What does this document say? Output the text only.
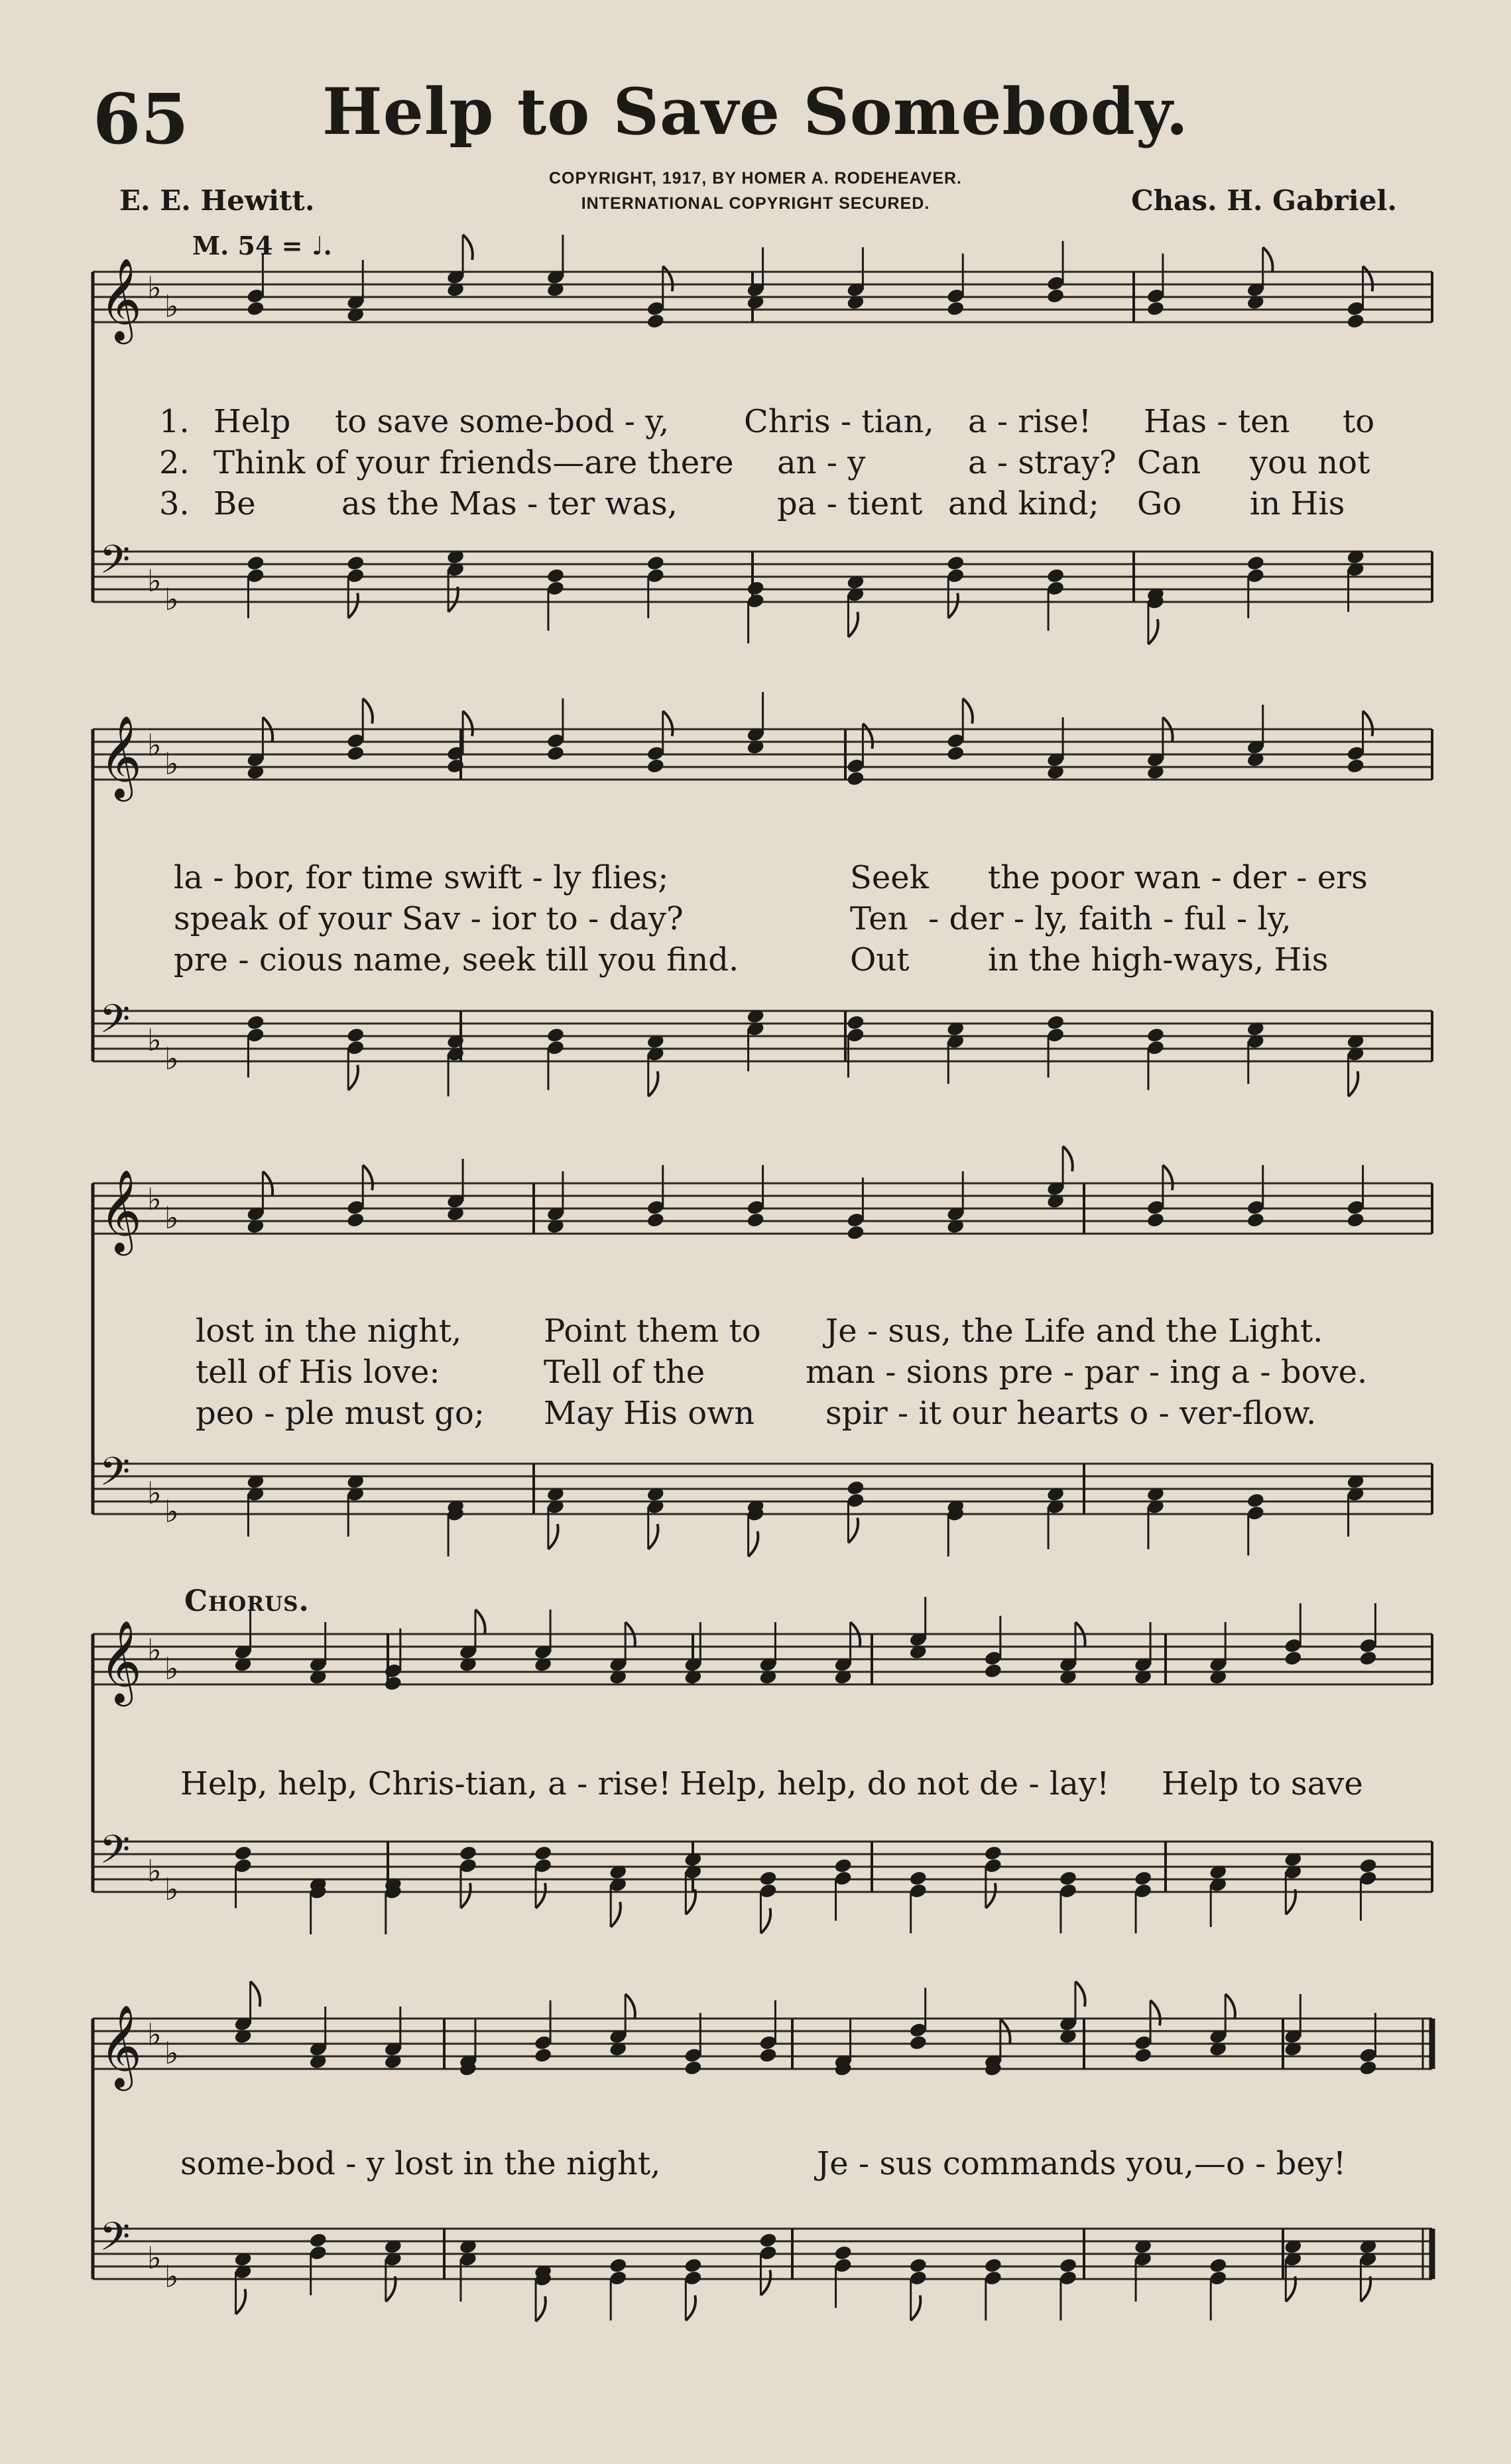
65	Help to Save Somebody.
COPYRIGHT, 1917, BY HOMER A. RODEHEAVER.
INTERNATIONAL COPYRIGHT SECURED.
E. E. Hewitt.	Chas. H. Gabriel.
M. 54 = ♩.
Chorus.
𝄞 ♭
♭
𝄢 ♭
♭
𝄞 ♭
♭
𝄢 ♭
♭
𝄞 ♭
♭
𝄢 ♭
♭
𝄞 ♭
♭
𝄢 ♭
♭
𝄞 ♭
♭
𝄢 ♭
♭
1. Help to save some-bod - y, Chris - tian, a - rise! Has - ten to
2. Think of your friends—are there an - y	a - stray? Can you not
3. Be	as the Mas - ter was,	pa - tient and kind; Go in His
la - bor, for time swift - ly flies;	Seek the poor wan - der - ers
speak of your Sav - ior to - day?	Ten - der - ly, faith - ful - ly,
pre - cious name, seek till you find.	Out in the high-ways, His
lost in the night,	Point them to Je - sus, the Life and the Light.
tell of His love:	Tell of the	man - sions pre - par - ing a - bove.
peo - ple must go; May His own spir - it our hearts o - ver-flow.
Help, help, Chris-tian, a - rise! Help, help, do not de - lay! Help to save
some-bod - y lost in the night,	Je - sus commands you,—o - bey!
